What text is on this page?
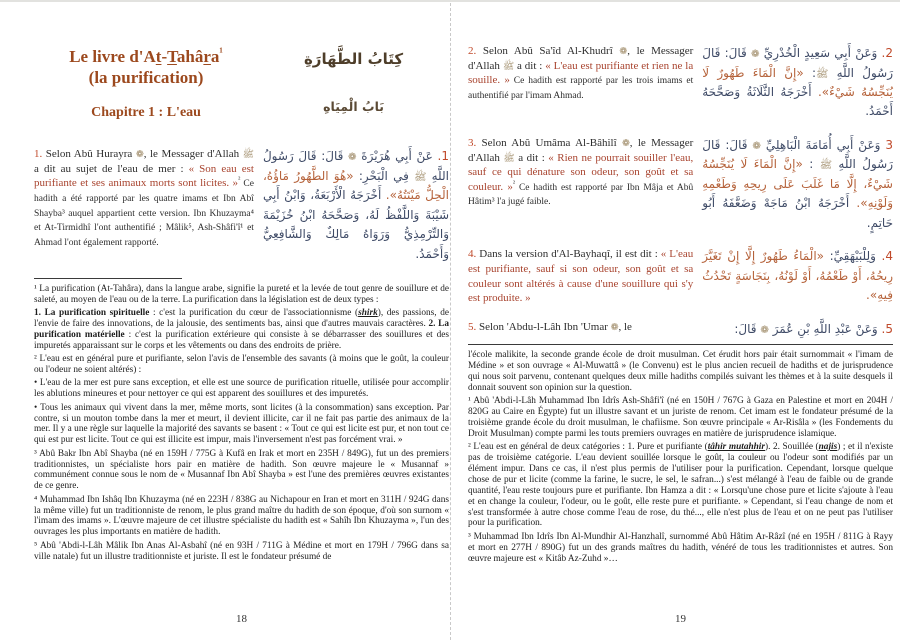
Le livre d'At-Tahâra$^{^1}$
(la purification)
Chapitre 1 : L'eau
كِتَابُ الطَّهَارَةِ
بَابُ الْمِيَاهِ
1. Selon Abû Hurayra ❁, le Messager d'Allah ﷺ a dit au sujet de l'eau de mer : « Son eau est purifiante et ses animaux morts sont licites. »$^{^2}$ Ce hadith a été rapporté par les quatre imams et Ibn Abî Shayba³ auquel appartient cette version. Ibn Khuzayma⁴ et At-Tirmidhî l'ont authentifié ; Mâlik⁵, Ash-Shâfi'î¹ et Ahmad l'ont également rapporté.
1. عَنْ أَبِي هُرَيْرَةَ ❁ قَالَ: قَالَ رَسُولُ اللَّهِ ﷺ فِي الْبَحْرِ: «هُوَ الطَّهُورُ مَاؤُهُ، الْحِلُّ مَيْتَتُهُ». أَخْرَجَهُ الْأَرْبَعَةُ، وَابْنُ أَبِي شَيْبَةَ وَاللَّفْظُ لَهُ، وَصَحَّحَهُ ابْنُ خُزَيْمَةَ وَالتِّرْمِذِيُّ وَرَوَاهُ مَالِكٌ وَالشَّافِعِيُّ وَأَحْمَدُ.

¹ La purification (At-Tahâra), dans la langue arabe, signifie la pureté et la levée de tout genre de souillure et de saleté, au moyen de l'eau ou de la terre. La purification dans la législation est de deux types :

1. La purification spirituelle : c'est la purification du cœur de l'associationnisme (shirk), des passions, de l'envie de faire des innovations, de la jalousie, des sentiments bas, ainsi que d'autres mauvais caractères. 2. La purification matérielle : c'est la purification extérieure qui consiste à se débarrasser des souillures et des impuretés apparaissant sur le corps et les vêtements ou dans des endroits de prière.

² L'eau est en général pure et purifiante, selon l'avis de l'ensemble des savants (à moins que le goût, la couleur ou l'odeur ne soient altérés) :

• L'eau de la mer est pure sans exception, et elle est une source de purification rituelle, utilisée pour accomplir les ablutions mineures et pour nettoyer ce qui est apparent des souillures et des impuretés.

• Tous les animaux qui vivent dans la mer, même morts, sont licites (à la consommation) sans exception. Par contre, si un mouton tombe dans la mer et meurt, il devient illicite, car il ne fait pas partie des animaux de la mer. Il y a une règle sur laquelle la majorité des savants se basent : « Tout ce qui est licite est pur, et non tout ce qui est pur est licite. Tout ce qui est illicite est impur, mais l'inversement n'est pas forcément vrai. »

³ Abû Bakr Ibn Abî Shayba (né en 159H / 775G à Kufâ en Irak et mort en 235H / 849G), fut un des premiers traditionnistes, un spécialiste hors pair en matière de hadith. Son œuvre majeure le « Musannaf » communément connue sous le nom de « Musannaf Ibn Abî Shayba » est l'une des premières œuvres existantes de ce genre.

⁴ Muhammad Ibn Ishâq Ibn Khuzayma (né en 223H / 838G au Nichapour en Iran et mort en 311H / 924G dans la même ville) fut un traditionniste de renom, le plus grand maître du hadith de son époque, d'où son surnom « l'imam des imams ». L'œuvre majeure de cet illustre spécialiste du hadith est « Sahîh Ibn Khuzayma », l'un des ouvrages les plus importants en matière de hadith.

⁵ Abû 'Abdi-l-Lâh Mâlik Ibn Anas Al-Asbahî (né en 93H / 711G à Médine et mort en 179H / 796G dans sa ville natale) fut un illustre traditionniste et juriste. Il est le fondateur présumé de

18
2. Selon Abû Sa'îd Al-Khudrî ❁, le Messager d'Allah ﷺ a dit : « L'eau est purifiante et rien ne la souille. » Ce hadith est rapporté par les trois imams et authentifié par l'imam Ahmad.
2. وَعَنْ أَبِي سَعِيدٍ الْخُدْرِيِّ ❁ قَالَ: قَالَ رَسُولُ اللَّهِ ﷺ: «إِنَّ الْمَاءَ طَهُورٌ لَا يُنَجِّسُهُ شَيْءٌ». أَخْرَجَهُ الثَّلَاثَةُ وَصَحَّحَهُ أَحْمَدُ.
3. Selon Abû Umâma Al-Bâhilî ❁, le Messager d'Allah ﷺ a dit : « Rien ne pourrait souiller l'eau, sauf ce qui dénature son odeur, son goût et sa couleur. »$^{^2}$ Ce hadith est rapporté par Ibn Mâja et Abû Hâtim³ l'a jugé faible.
3 وَعَنْ أَبِي أُمَامَةَ الْبَاهِلِيِّ ❁ قَالَ: قَالَ رَسُولُ اللَّهِ ﷺ : «إِنَّ الْمَاءَ لَا يُنَجِّسُهُ شَيْءٌ، إِلَّا مَا غَلَبَ عَلَى رِيحِهِ وَطَعْمِهِ وَلَوْنِهِ». أَخْرَجَهُ ابْنُ مَاجَهْ وَضَعَّفَهُ أَبُو حَاتِمٍ.
4. Dans la version d'Al-Bayhaqî, il est dit : « L'eau est purifiante, sauf si son odeur, son goût et sa couleur sont altérés à cause d'une souillure qui s'y est produite. »
4. وَلِلْبَيْهَقِيِّ: «الْمَاءُ طَهُورٌ إِلَّا إِنْ تَغَيَّرَ رِيحُهُ، أَوْ طَعْمُهُ، أَوْ لَوْنُهُ، بِنَجَاسَةٍ تَحْدُثُ فِيهِ».
5. Selon 'Abdu-l-Lâh Ibn 'Umar ❁, le	5. وَعَنْ عَبْدِ اللَّهِ بْنِ عُمَرَ ❁ قَالَ:

l'école malikite, la seconde grande école de droit musulman. Cet érudit hors pair était surnommait « l'imam de Médine » et son ouvrage « Al-Muwattâ » (le Convenu) est le plus ancien recueil de hadiths et de jurisprudence qui nous soit parvenu, contenant quelques deux mille hadiths compilés suivant les thèmes et à la suite desquels il donnait souvent son opinion sur la question.

¹ Abû 'Abdi-l-Lâh Muhammad Ibn Idrîs Ash-Shâfi'î (né en 150H / 767G à Gaza en Palestine et mort en 204H / 820G au Caire en Égypte) fut un illustre savant et un juriste de renom. Cet imam est le fondateur présumé de la troisième grande école du droit musulman, le chafiisme. Son œuvre principale « Ar-Risâla » (les Fondements du Droit Musulman) compte parmi les touts premiers ouvrages en matière de jurisprudence islamique.

² L'eau est en général de deux catégories : 1. Pure et purifiante (tâhir mutahhir). 2. Souillée (najis) ; et il n'existe pas de troisième catégorie. L'eau devient souillée lorsque le goût, la couleur ou l'odeur sont modifiés par un élément impur. Dans ce cas, il n'est plus permis de l'utiliser pour la purification. Cependant, lorsque quelque chose de pur et licite (comme la farine, le sucre, le sel, le safran...) s'est mélangé à l'eau de faible ou de grande quantité, l'eau reste toujours pure et purifiante. Ibn Hamza a dit : « Lorsqu'une chose pure et licite s'ajoute à l'eau et en change la couleur, l'odeur, ou le goût, elle reste pure et purifiante. » Cependant, si l'eau change de nom et s'est transformée à autre chose comme l'eau de rose, du thé..., elle n'est plus de l'eau et on ne peut pas l'utiliser pour la purification.

³ Muhammad Ibn Idrîs Ibn Al-Mundhir Al-Hanzhalî, surnommé Abû Hâtim Ar-Râzî (né en 195H / 811G à Rayy et mort en 277H / 890G) fut un des grands maîtres du hadith, vénéré de tous les traditionnistes et autres. Son œuvre majeure est « Kitâb Az-Zuhd »…

19
